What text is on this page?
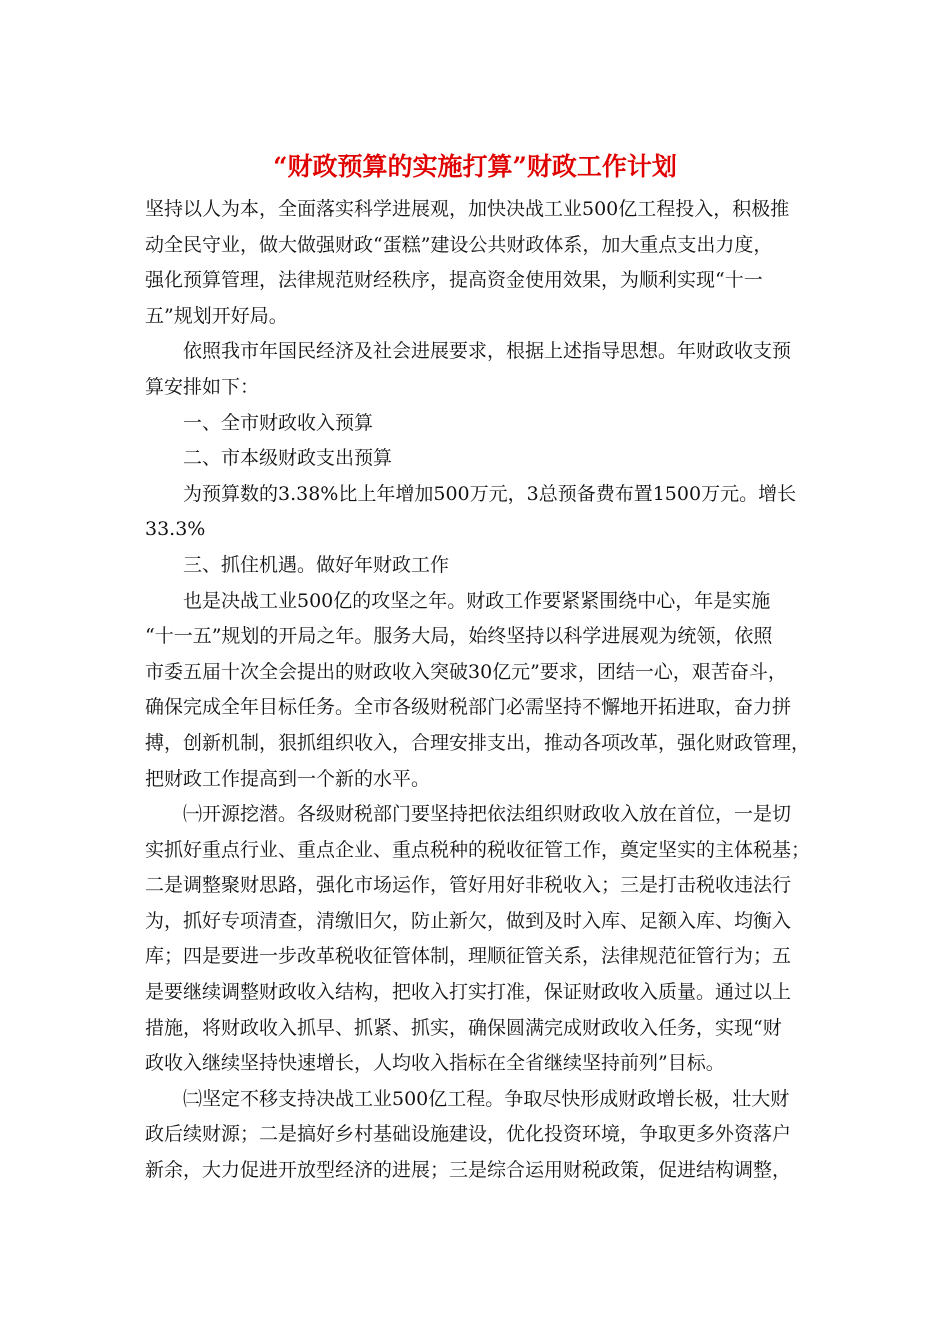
“财政预算的实施打算”财政工作计划

坚持以人为本，全面落实科学进展观，加快决战工业500亿工程投入，积极推

动全民守业，做大做强财政“蛋糕”建设公共财政体系，加大重点支出力度，

强化预算管理，法律规范财经秩序，提高资金使用效果，为顺利实现“十一

五”规划开好局。

依照我市年国民经济及社会进展要求，根据上述指导思想。年财政收支预

算安排如下：

一、全市财政收入预算

二、市本级财政支出预算

为预算数的3.38%比上年增加500万元，3总预备费布置1500万元。增长

33.3%

三、抓住机遇。做好年财政工作

也是决战工业500亿的攻坚之年。财政工作要紧紧围绕中心，年是实施

“十一五”规划的开局之年。服务大局，始终坚持以科学进展观为统领，依照

市委五届十次全会提出的财政收入突破30亿元”要求，团结一心，艰苦奋斗，

确保完成全年目标任务。全市各级财税部门必需坚持不懈地开拓进取，奋力拼

搏，创新机制，狠抓组织收入，合理安排支出，推动各项改革，强化财政管理，

把财政工作提高到一个新的水平。

㈠开源挖潜。各级财税部门要坚持把依法组织财政收入放在首位，一是切

实抓好重点行业、重点企业、重点税种的税收征管工作，奠定坚实的主体税基；

二是调整聚财思路，强化市场运作，管好用好非税收入；三是打击税收违法行

为，抓好专项清查，清缴旧欠，防止新欠，做到及时入库、足额入库、均衡入

库；四是要进一步改革税收征管体制，理顺征管关系，法律规范征管行为；五

是要继续调整财政收入结构，把收入打实打准，保证财政收入质量。通过以上

措施，将财政收入抓早、抓紧、抓实，确保圆满完成财政收入任务，实现“财

政收入继续坚持快速增长，人均收入指标在全省继续坚持前列”目标。

㈡坚定不移支持决战工业500亿工程。争取尽快形成财政增长极，壮大财

政后续财源；二是搞好乡村基础设施建设，优化投资环境，争取更多外资落户

新余，大力促进开放型经济的进展；三是综合运用财税政策，促进结构调整，
